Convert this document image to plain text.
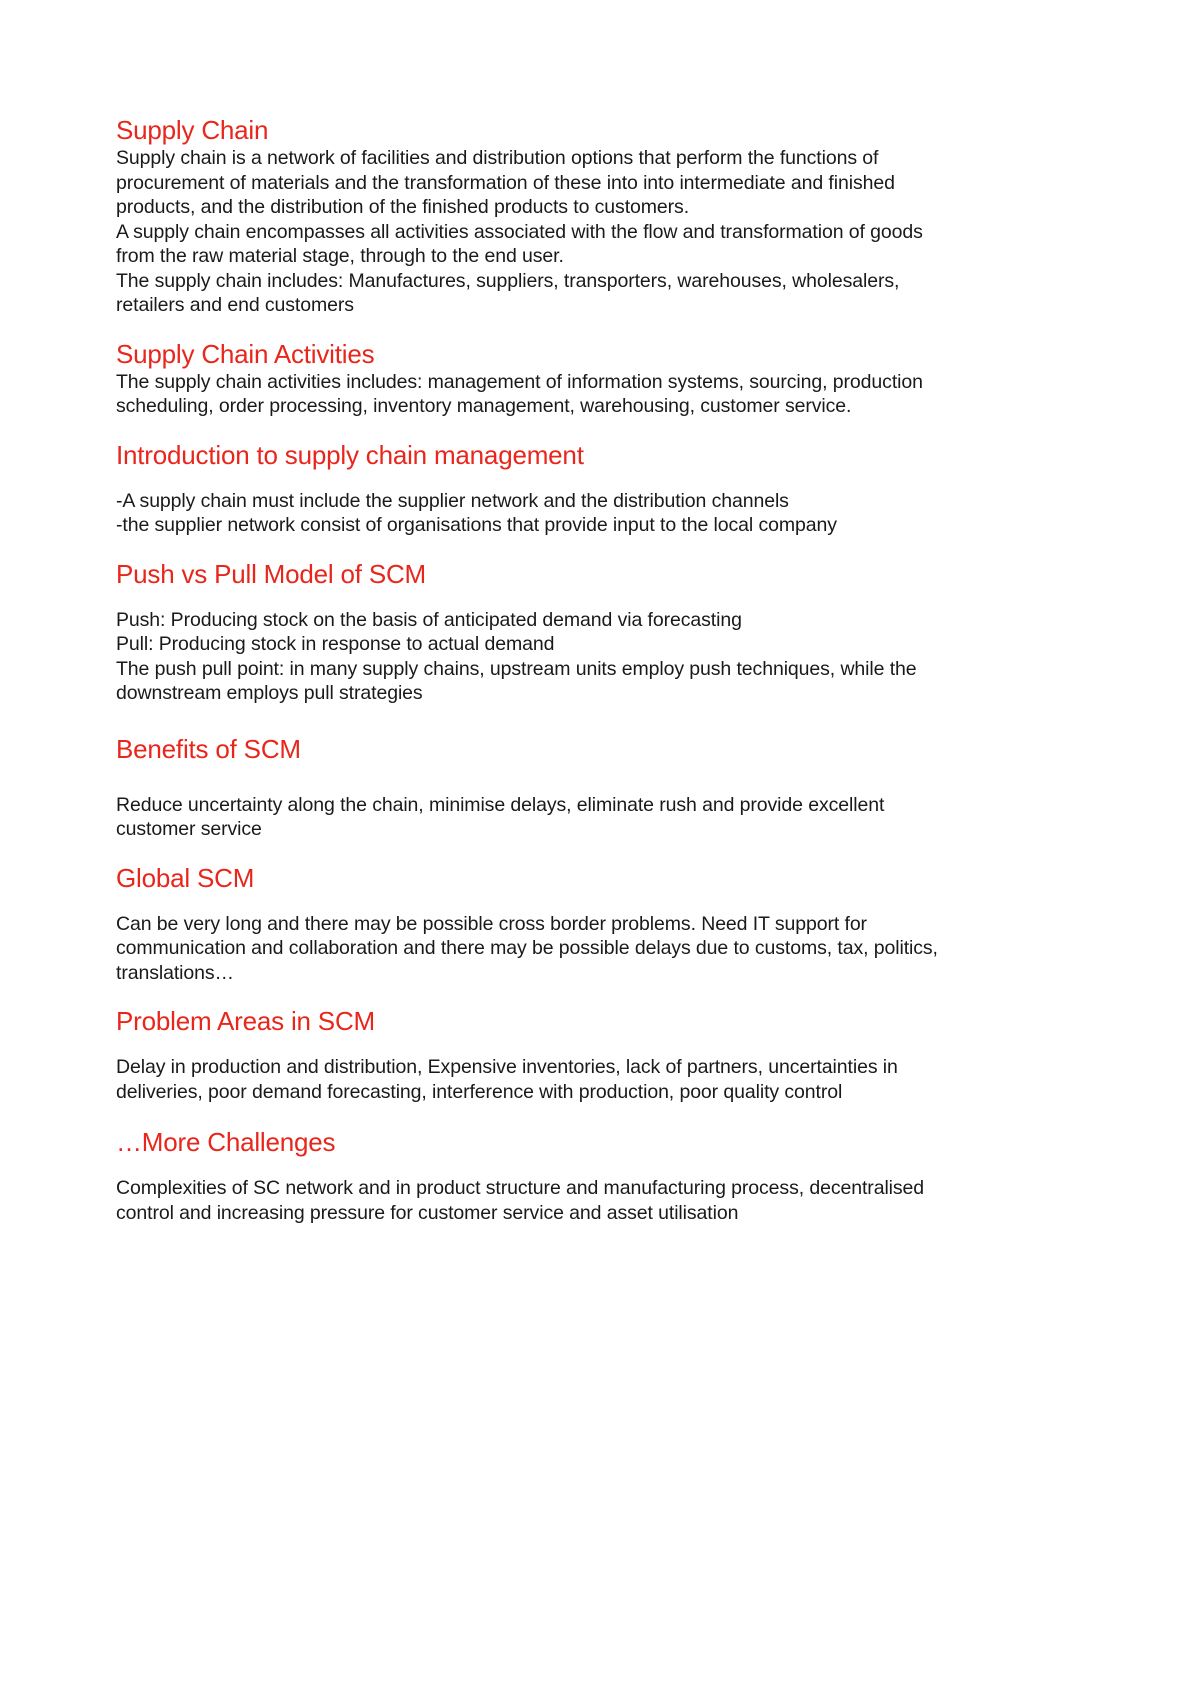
Supply Chain

Supply chain is a network of facilities and distribution options that perform the functions of

procurement of materials and the transformation of these into into intermediate and finished

products, and the distribution of the finished products to customers.

A supply chain encompasses all activities associated with the flow and transformation of goods

from the raw material stage, through to the end user.

The supply chain includes: Manufactures, suppliers, transporters, warehouses, wholesalers,

retailers and end customers

Supply Chain Activities

The supply chain activities includes: management of information systems, sourcing, production

scheduling, order processing, inventory management, warehousing, customer service.

Introduction to supply chain management

-A supply chain must include the supplier network and the distribution channels

-the supplier network consist of organisations that provide input to the local company

Push vs Pull Model of SCM

Push: Producing stock on the basis of anticipated demand via forecasting

Pull: Producing stock in response to actual demand

The push pull point: in many supply chains, upstream units employ push techniques, while the

downstream employs pull strategies

Benefits of SCM

Reduce uncertainty along the chain, minimise delays, eliminate rush and provide excellent

customer service

Global SCM

Can be very long and there may be possible cross border problems. Need IT support for

communication and collaboration and there may be possible delays due to customs, tax, politics,

translations…

Problem Areas in SCM

Delay in production and distribution, Expensive inventories, lack of partners, uncertainties in

deliveries, poor demand forecasting, interference with production, poor quality control

…More Challenges

Complexities of SC network and in product structure and manufacturing process, decentralised

control and increasing pressure for customer service and asset utilisation
